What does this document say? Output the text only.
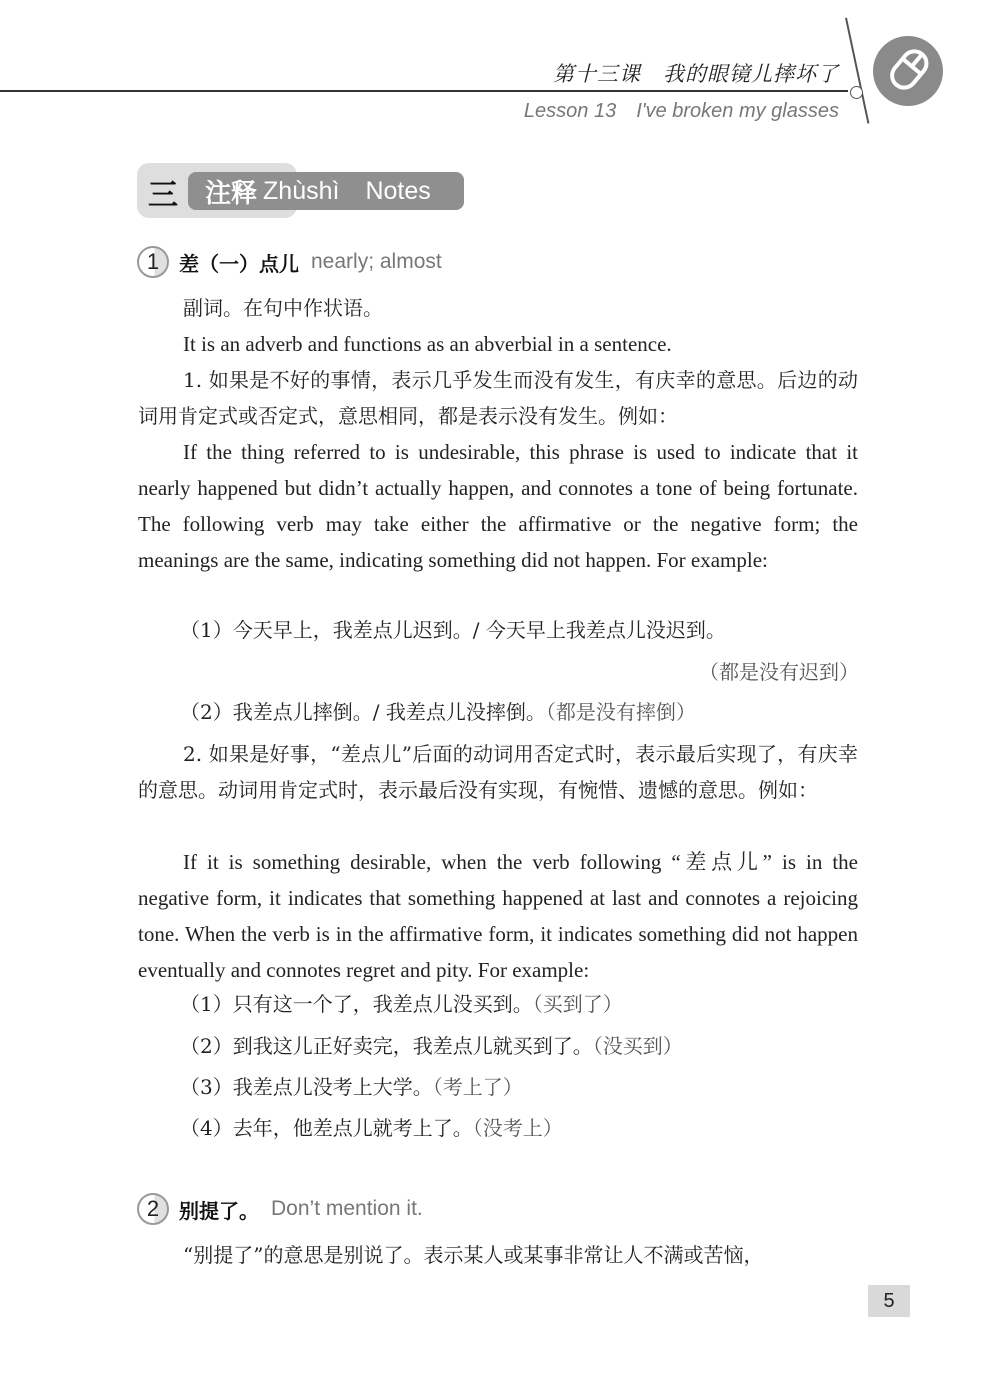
第十三课　我的眼镜儿摔坏了
Lesson 13　I've broken my glasses
三 注释 Zhùshì Notes
1 差（一）点儿 nearly; almost
副词。在句中作状语。
It is an adverb and functions as an abverbial in a sentence.
1. 如果是不好的事情，表示几乎发生而没有发生，有庆幸的意思。后边的动词用肯定式或否定式，意思相同，都是表示没有发生。例如：
If the thing referred to is undesirable, this phrase is used to indicate that it nearly happened but didn’t actually happen, and connotes a tone of being fortunate. The following verb may take either the affirmative or the negative form; the meanings are the same, indicating something did not happen. For example:
（1）今天早上，我差点儿迟到。/ 今天早上我差点儿没迟到。
（都是没有迟到）
（2）我差点儿摔倒。/ 我差点儿没摔倒。（都是没有摔倒）
2. 如果是好事，“差点儿”后面的动词用否定式时，表示最后实现了，有庆幸的意思。动词用肯定式时，表示最后没有实现，有惋惜、遗憾的意思。例如：
If it is something desirable, when the verb following “差点儿” is in the negative form, it indicates that something happened at last and connotes a rejoicing tone. When the verb is in the affirmative form, it indicates something did not happen eventually and connotes regret and pity. For example:
（1）只有这一个了，我差点儿没买到。（买到了）
（2）到我这儿正好卖完，我差点儿就买到了。（没买到）
（3）我差点儿没考上大学。（考上了）
（4）去年，他差点儿就考上了。（没考上）
2 别提了。 Don’t mention it.
“别提了”的意思是别说了。表示某人或某事非常让人不满或苦恼，
5
